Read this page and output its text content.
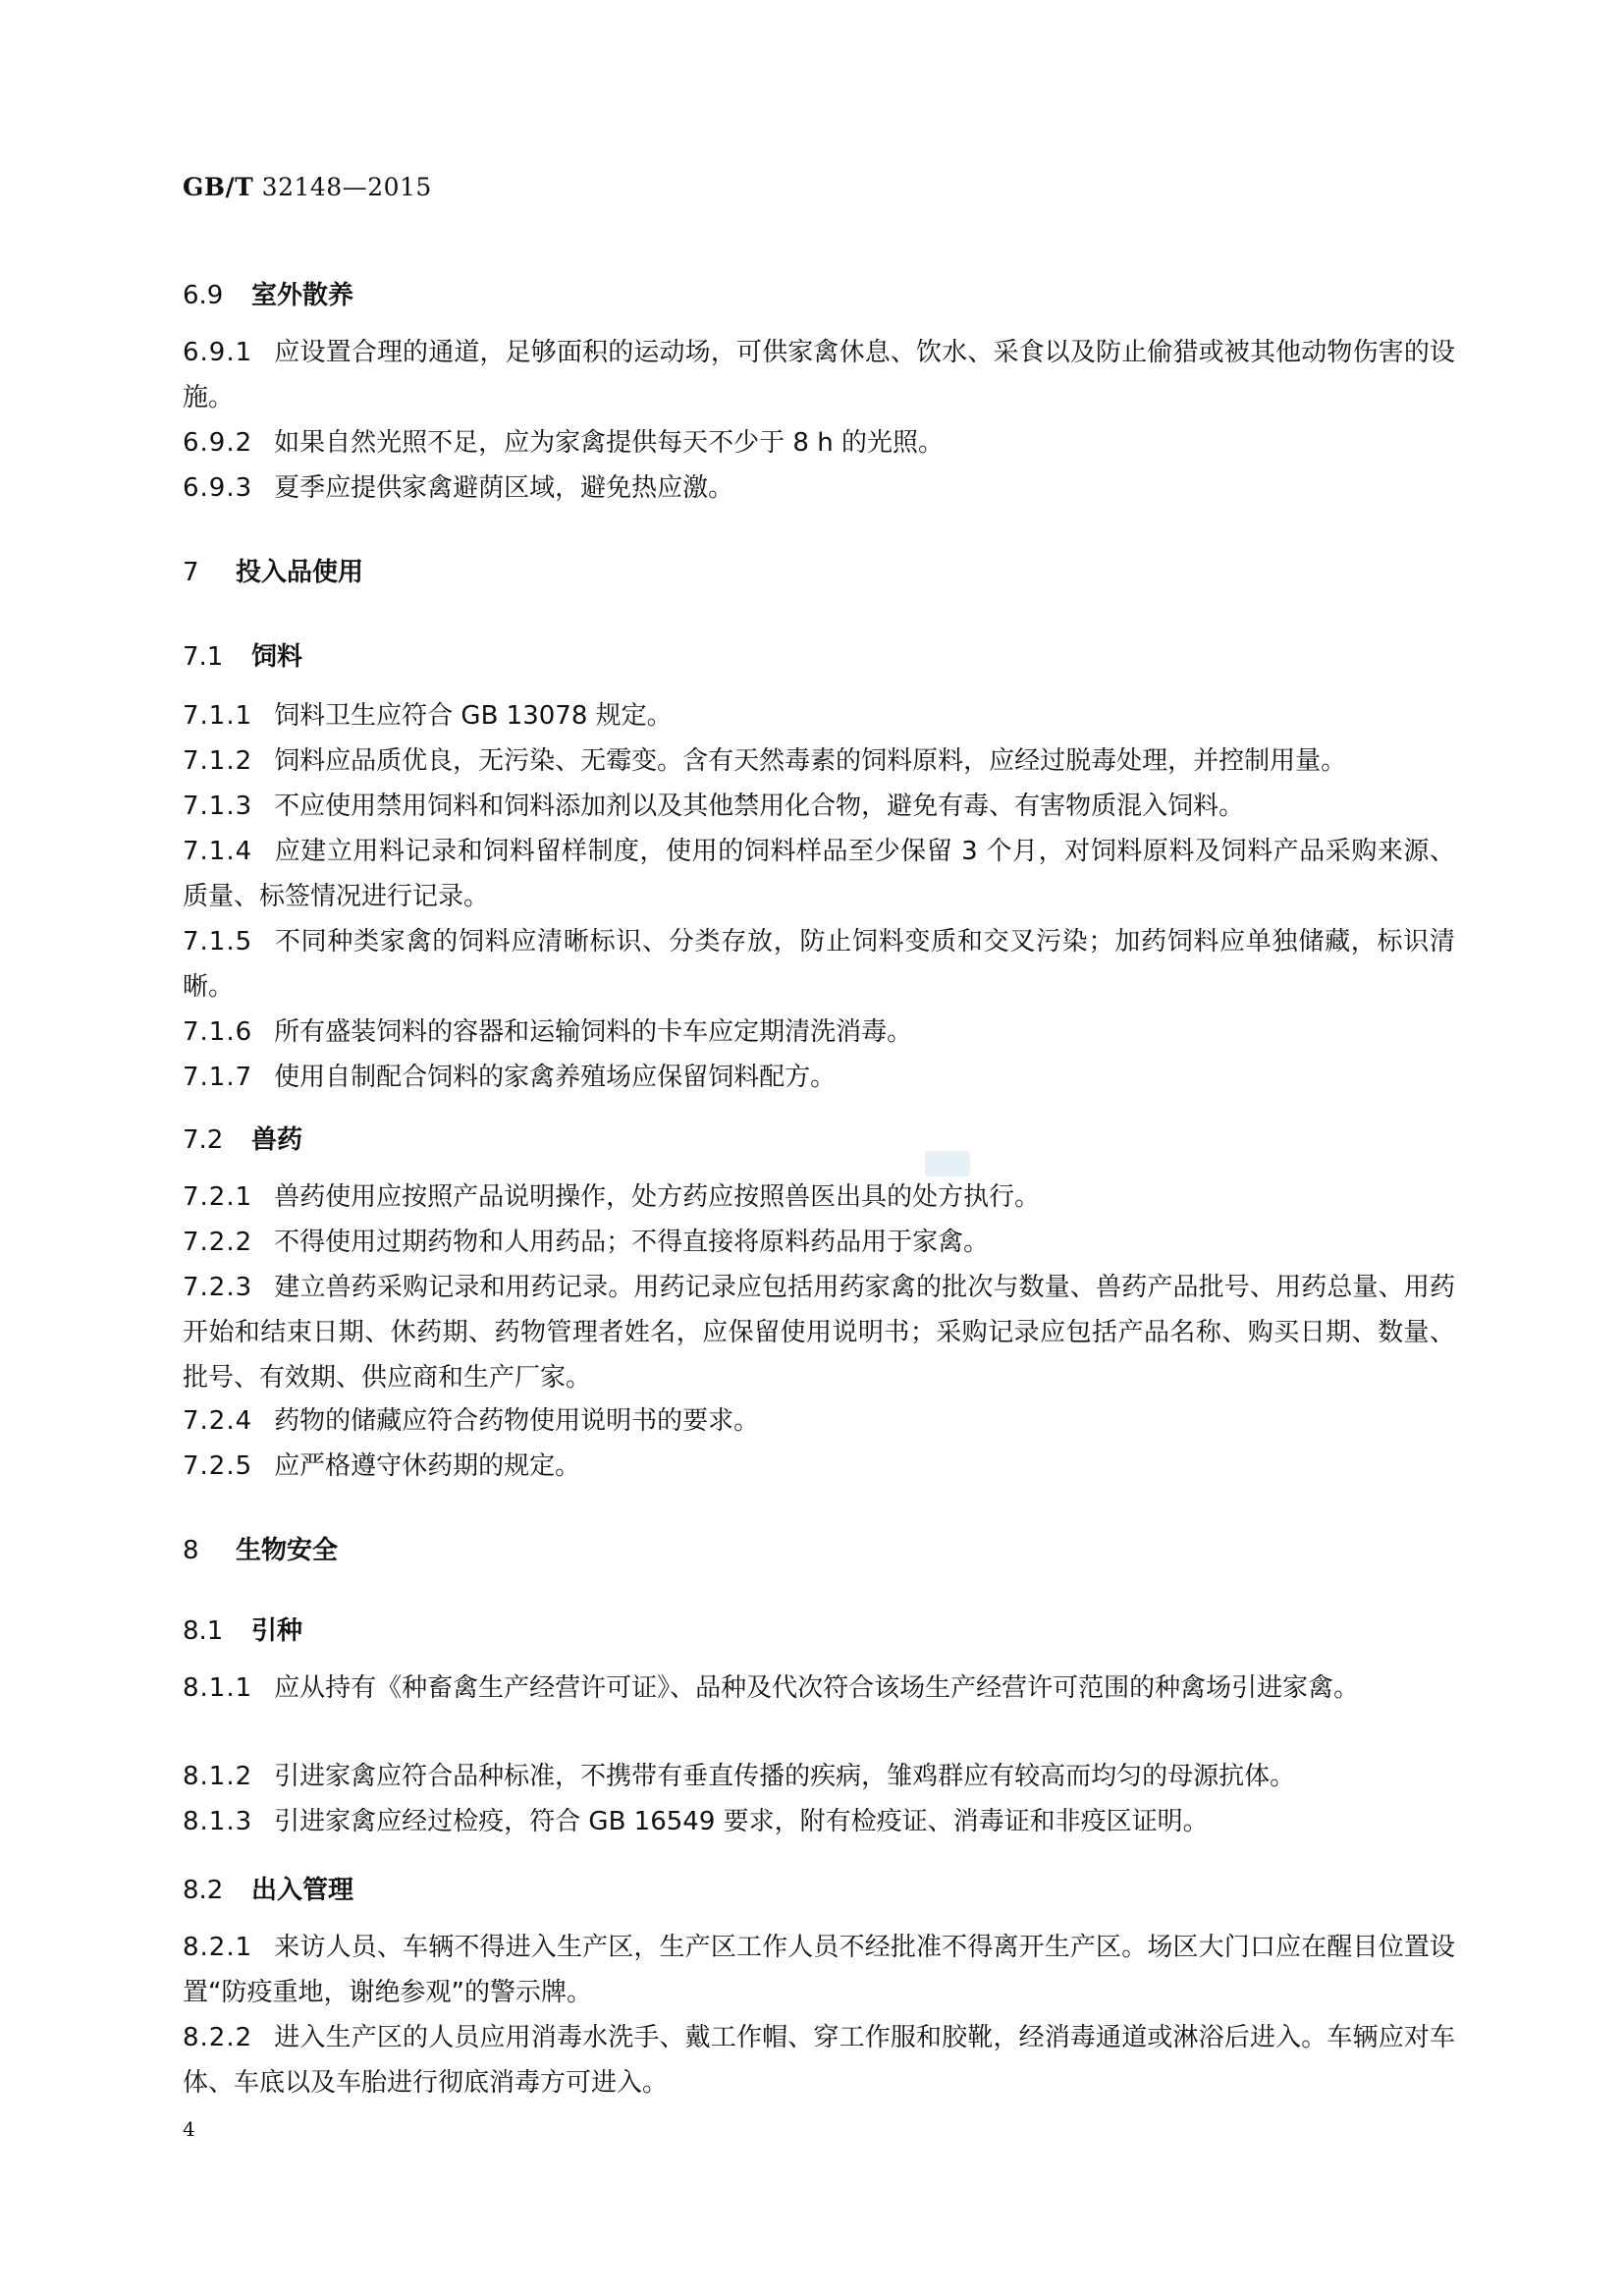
GB/T 32148—2015
6.9 室外散养
6.9.1 应设置合理的通道，足够面积的运动场，可供家禽休息、饮水、采食以及防止偷猎或被其他动物伤害的设施。
6.9.2 如果自然光照不足，应为家禽提供每天不少于 8 h 的光照。
6.9.3 夏季应提供家禽避荫区域，避免热应激。
7 投入品使用
7.1 饲料
7.1.1 饲料卫生应符合 GB 13078 规定。
7.1.2 饲料应品质优良，无污染、无霉变。含有天然毒素的饲料原料，应经过脱毒处理，并控制用量。
7.1.3 不应使用禁用饲料和饲料添加剂以及其他禁用化合物，避免有毒、有害物质混入饲料。
7.1.4 应建立用料记录和饲料留样制度，使用的饲料样品至少保留 3 个月，对饲料原料及饲料产品采购来源、质量、标签情况进行记录。
7.1.5 不同种类家禽的饲料应清晰标识、分类存放，防止饲料变质和交叉污染；加药饲料应单独储藏，标识清晰。
7.1.6 所有盛装饲料的容器和运输饲料的卡车应定期清洗消毒。
7.1.7 使用自制配合饲料的家禽养殖场应保留饲料配方。
7.2 兽药
7.2.1 兽药使用应按照产品说明操作，处方药应按照兽医出具的处方执行。
7.2.2 不得使用过期药物和人用药品；不得直接将原料药品用于家禽。
7.2.3 建立兽药采购记录和用药记录。用药记录应包括用药家禽的批次与数量、兽药产品批号、用药总量、用药开始和结束日期、休药期、药物管理者姓名，应保留使用说明书；采购记录应包括产品名称、购买日期、数量、批号、有效期、供应商和生产厂家。
7.2.4 药物的储藏应符合药物使用说明书的要求。
7.2.5 应严格遵守休药期的规定。
8 生物安全
8.1 引种
8.1.1 应从持有《种畜禽生产经营许可证》、品种及代次符合该场生产经营许可范围的种禽场引进家禽。
8.1.2 引进家禽应符合品种标准，不携带有垂直传播的疾病，雏鸡群应有较高而均匀的母源抗体。
8.1.3 引进家禽应经过检疫，符合 GB 16549 要求，附有检疫证、消毒证和非疫区证明。
8.2 出入管理
8.2.1 来访人员、车辆不得进入生产区，生产区工作人员不经批准不得离开生产区。场区大门口应在醒目位置设置“防疫重地，谢绝参观”的警示牌。
8.2.2 进入生产区的人员应用消毒水洗手、戴工作帽、穿工作服和胶靴，经消毒通道或淋浴后进入。车辆应对车体、车底以及车胎进行彻底消毒方可进入。
4
